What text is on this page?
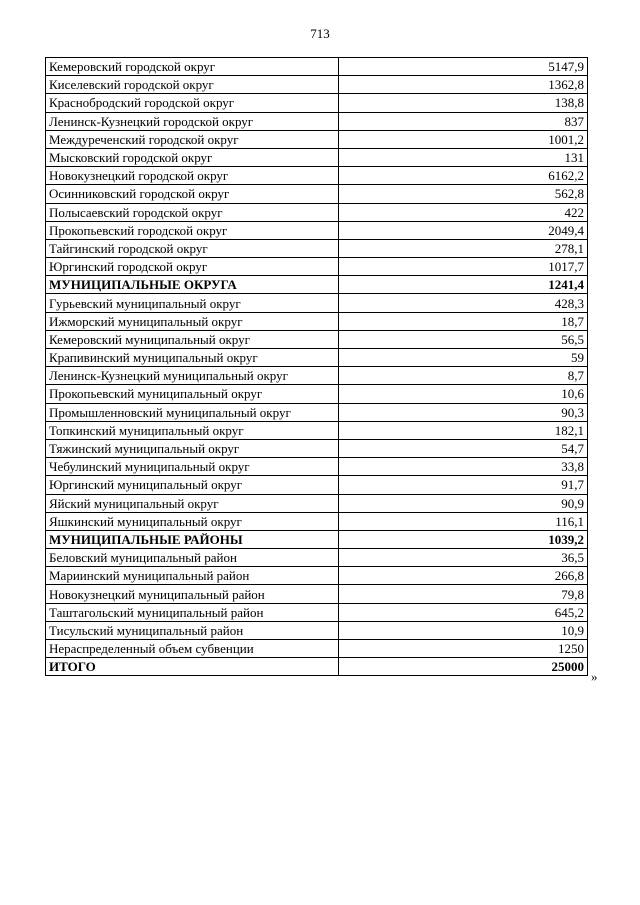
713
Кемеровский городской округ	5147,9
Киселевский городской округ	1362,8
Краснобродский городской округ	138,8
Ленинск-Кузнецкий городской округ	837
Междуреченский городской округ	1001,2
Мысковский городской округ	131
Новокузнецкий городской округ	6162,2
Осинниковский городской округ	562,8
Полысаевский городской округ	422
Прокопьевский городской округ	2049,4
Тайгинский городской округ	278,1
Юргинский городской округ	1017,7
МУНИЦИПАЛЬНЫЕ ОКРУГА	1241,4
Гурьевский муниципальный округ	428,3
Ижморский муниципальный округ	18,7
Кемеровский муниципальный округ	56,5
Крапивинский муниципальный округ	59
Ленинск-Кузнецкий муниципальный округ	8,7
Прокопьевский муниципальный округ	10,6
Промышленновский муниципальный округ	90,3
Топкинский муниципальный округ	182,1
Тяжинский муниципальный округ	54,7
Чебулинский муниципальный округ	33,8
Юргинский муниципальный округ	91,7
Яйский муниципальный округ	90,9
Яшкинский муниципальный округ	116,1
МУНИЦИПАЛЬНЫЕ РАЙОНЫ	1039,2
Беловский муниципальный район	36,5
Мариинский муниципальный район	266,8
Новокузнецкий муниципальный район	79,8
Таштагольский муниципальный район	645,2
Тисульский муниципальный район	10,9
Нераспределенный объем субвенции	1250
ИТОГО	25000
»
